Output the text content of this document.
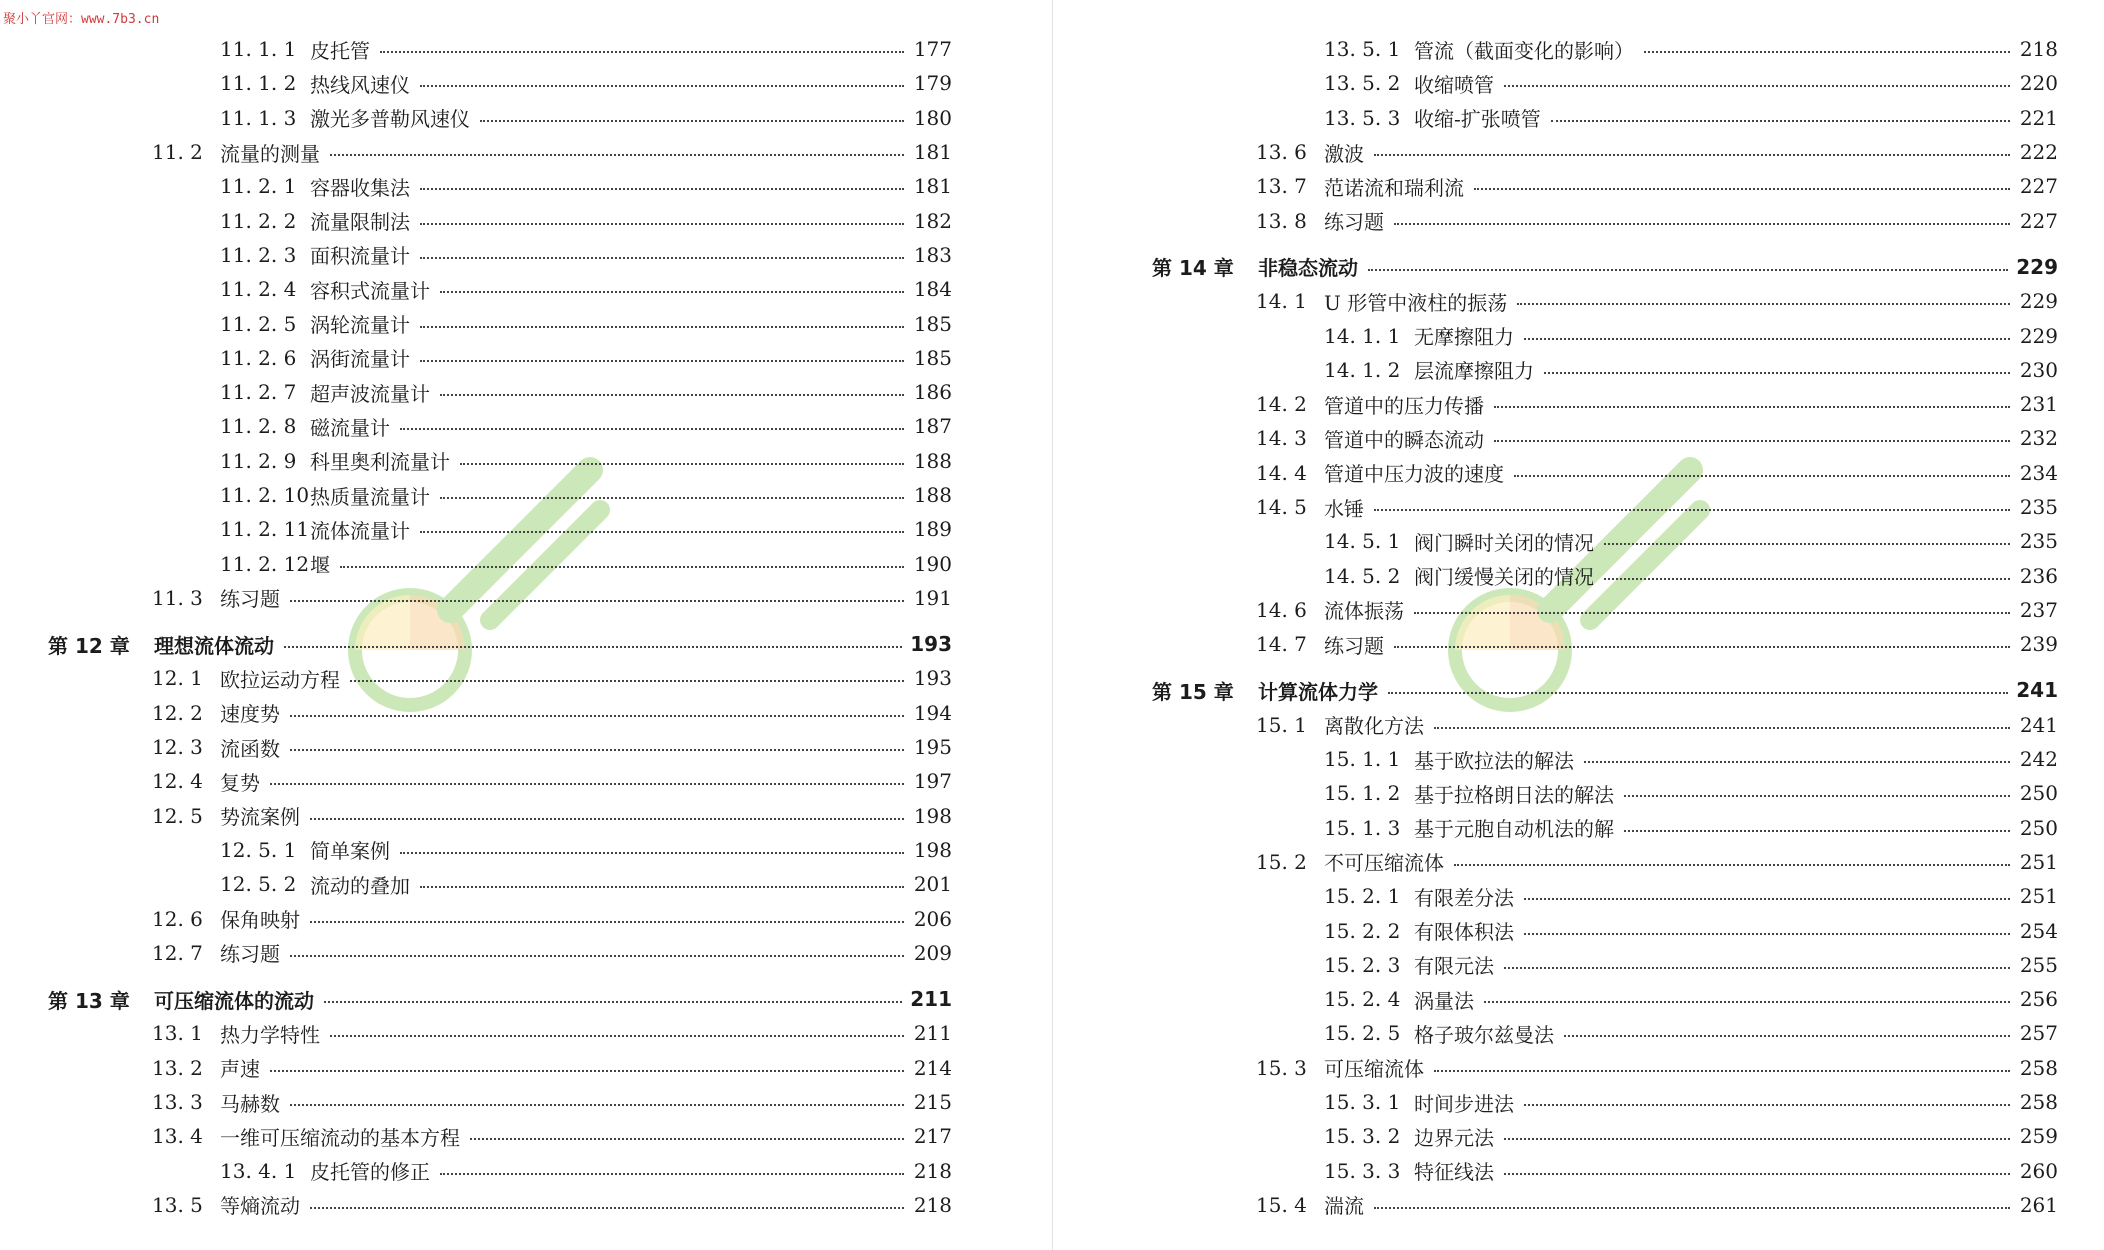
聚小丫官网：www.7b3.cn
11. 1. 1 皮托管	177
11. 1. 2 热线风速仪	179
11. 1. 3 激光多普勒风速仪	180
11. 2 流量的测量	181
11. 2. 1 容器收集法	181
11. 2. 2 流量限制法	182
11. 2. 3 面积流量计	183
11. 2. 4 容积式流量计	184
11. 2. 5 涡轮流量计	185
11. 2. 6 涡街流量计	185
11. 2. 7 超声波流量计	186
11. 2. 8 磁流量计	187
11. 2. 9 科里奥利流量计	188
11. 2. 10 热质量流量计	188
11. 2. 11 流体流量计	189
11. 2. 12 堰	190
11. 3 练习题	191
第 12 章	理想流体流动	193
12. 1 欧拉运动方程	193
12. 2 速度势	194
12. 3 流函数	195
12. 4 复势	197
12. 5 势流案例	198
12. 5. 1 简单案例	198
12. 5. 2 流动的叠加	201
12. 6 保角映射	206
12. 7 练习题	209
第 13 章	可压缩流体的流动	211
13. 1 热力学特性	211
13. 2 声速	214
13. 3 马赫数	215
13. 4 一维可压缩流动的基本方程	217
13. 4. 1 皮托管的修正	218
13. 5 等熵流动	218
13. 5. 1 管流（截面变化的影响）	218
13. 5. 2 收缩喷管	220
13. 5. 3 收缩-扩张喷管	221
13. 6 激波	222
13. 7 范诺流和瑞利流	227
13. 8 练习题	227
第 14 章	非稳态流动	229
14. 1 U 形管中液柱的振荡	229
14. 1. 1 无摩擦阻力	229
14. 1. 2 层流摩擦阻力	230
14. 2 管道中的压力传播	231
14. 3 管道中的瞬态流动	232
14. 4 管道中压力波的速度	234
14. 5 水锤	235
14. 5. 1 阀门瞬时关闭的情况	235
14. 5. 2 阀门缓慢关闭的情况	236
14. 6 流体振荡	237
14. 7 练习题	239
第 15 章	计算流体力学	241
15. 1 离散化方法	241
15. 1. 1 基于欧拉法的解法	242
15. 1. 2 基于拉格朗日法的解法	250
15. 1. 3 基于元胞自动机法的解	250
15. 2 不可压缩流体	251
15. 2. 1 有限差分法	251
15. 2. 2 有限体积法	254
15. 2. 3 有限元法	255
15. 2. 4 涡量法	256
15. 2. 5 格子玻尔兹曼法	257
15. 3 可压缩流体	258
15. 3. 1 时间步进法	258
15. 3. 2 边界元法	259
15. 3. 3 特征线法	260
15. 4 湍流	261
